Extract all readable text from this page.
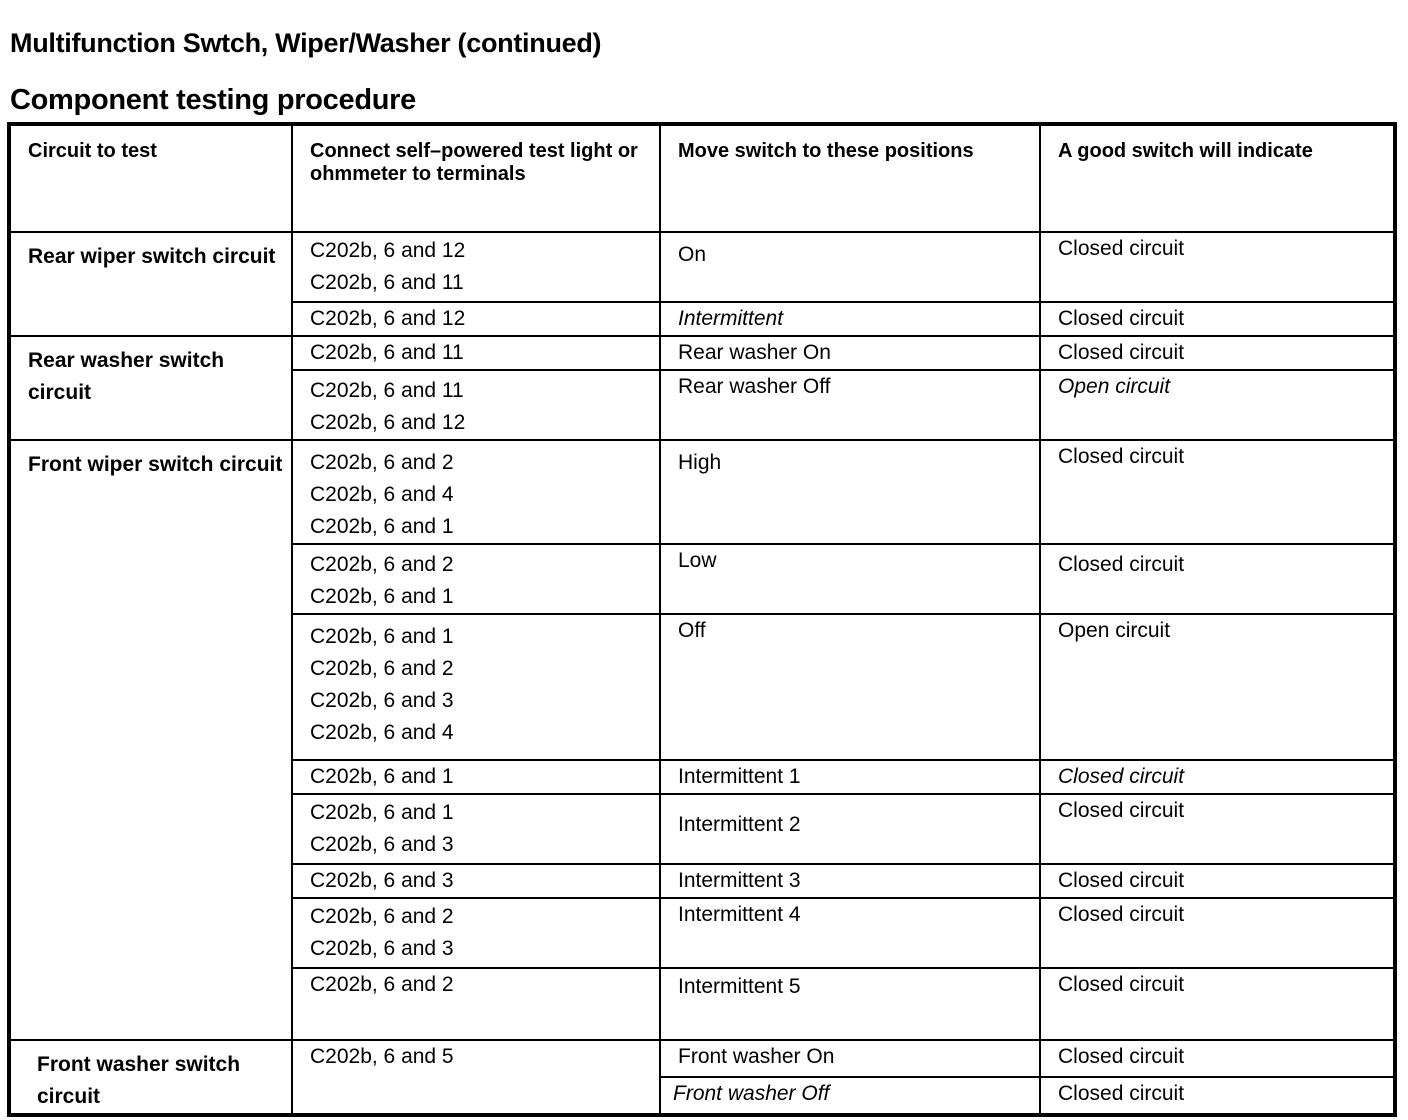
Multifunction Swtch, Wiper/Washer (continued)
Component testing procedure
Circuit to test	Connect self–powered test light or ohmmeter to terminals	Move switch to these positions	A good switch will indicate
Rear wiper switch circuit	C202b, 6 and 12
C202b, 6 and 11	On	Closed circuit

	C202b, 6 and 12	Intermittent	Closed circuit
Rear washer switch circuit	C202b, 6 and 11	Rear washer On	Closed circuit

	C202b, 6 and 11
C202b, 6 and 12	Rear washer Off	Open circuit
Front wiper switch circuit	C202b, 6 and 2
C202b, 6 and 4
C202b, 6 and 1	High	Closed circuit

	C202b, 6 and 2
C202b, 6 and 1	Low	Closed circuit

	C202b, 6 and 1
C202b, 6 and 2
C202b, 6 and 3
C202b, 6 and 4	Off	Open circuit

	C202b, 6 and 1	Intermittent 1	Closed circuit

	C202b, 6 and 1
C202b, 6 and 3	Intermittent 2	Closed circuit

	C202b, 6 and 3	Intermittent 3	Closed circuit

	C202b, 6 and 2
C202b, 6 and 3	Intermittent 4	Closed circuit

	C202b, 6 and 2	Intermittent 5	Closed circuit
Front washer switch circuit	C202b, 6 and 5	Front washer On	Closed circuit
		Front washer Off	Closed circuit
